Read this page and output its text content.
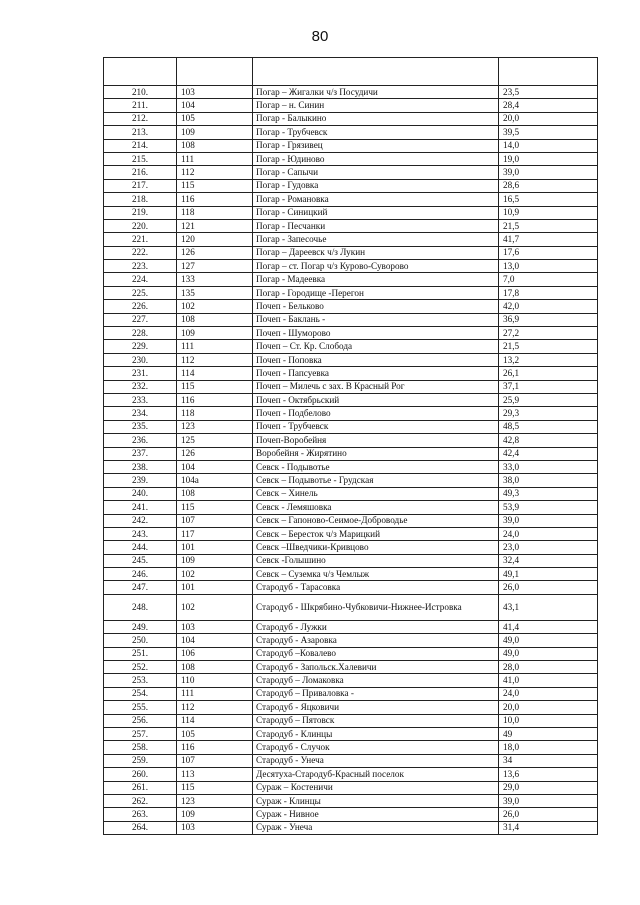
80

210.	103	Погар – Жигалки ч/з Посудичи	23,5
211.	104	Погар – н. Синин	28,4
212.	105	Погар - Балыкино	20,0
213.	109	Погар - Трубчевск	39,5
214.	108	Погар - Грязивец	14,0
215.	111	Погар - Юдиново	19,0
216.	112	Погар - Сапычи	39,0
217.	115	Погар - Гудовка	28,6
218.	116	Погар - Романовка	16,5
219.	118	Погар - Синицкий	10,9
220.	121	Погар - Песчанки	21,5
221.	120	Погар - Запесочье	41,7
222.	126	Погар – Дареевск ч/з Лукин	17,6
223.	127	Погар – ст. Погар ч/з Курово-Суворово	13,0
224.	133	Погар - Мадеевка	7,0
225.	135	Погар - Городище -Перегон	17,8
226.	102	Почеп - Бельково	42,0
227.	108	Почеп - Баклань -	36,9
228.	109	Почеп - Шуморово	27,2
229.	111	Почеп – Ст. Кр. Слобода	21,5
230.	112	Почеп - Поповка	13,2
231.	114	Почеп - Папсуевка	26,1
232.	115	Почеп – Милечь с зах. В Красный Рог	37,1
233.	116	Почеп - Октябрьский	25,9
234.	118	Почеп - Подбелово	29,3
235.	123	Почеп - Трубчевск	48,5
236.	125	Почеп-Воробейня	42,8
237.	126	Воробейня - Жирятино	42,4
238.	104	Севск - Подывотье	33,0
239.	104а	Севск – Подывотье - Грудская	38,0
240.	108	Севск – Хинель	49,3
241.	115	Севск - Лемяшовка	53,9
242.	107	Севск – Гапоново-Сеимое-Доброводье	39,0
243.	117	Севск – Бересток ч/з Марицкий	24,0
244.	101	Севск –Шведчики-Кривцово	23,0
245.	109	Севск -Голышино	32,4
246.	102	Севск – Суземка ч/з Чемлыж	49,1
247.	101	Стародуб - Тарасовка	26,0
248.	102	Стародуб - Шкрябино-Чубковичи-Нижнее-Истровка	43,1
249.	103	Стародуб - Лужки	41,4
250.	104	Стародуб - Азаровка	49,0
251.	106	Стародуб –Ковалево	49,0
252.	108	Стародуб - Запольск.Халевичи	28,0
253.	110	Стародуб – Ломаковка	41,0
254.	111	Стародуб – Приваловка -	24,0
255.	112	Стародуб - Яцковичи	20,0
256.	114	Стародуб – Пятовск	10,0
257.	105	Стародуб - Клинцы	49
258.	116	Стародуб - Случок	18,0
259.	107	Стародуб - Унеча	34
260.	113	Десятуха-Стародуб-Красный поселок	13,6
261.	115	Сураж – Костеничи	29,0
262.	123	Сураж - Клинцы	39,0
263.	109	Сураж - Нивное	26,0
264.	103	Сураж - Унеча	31,4
